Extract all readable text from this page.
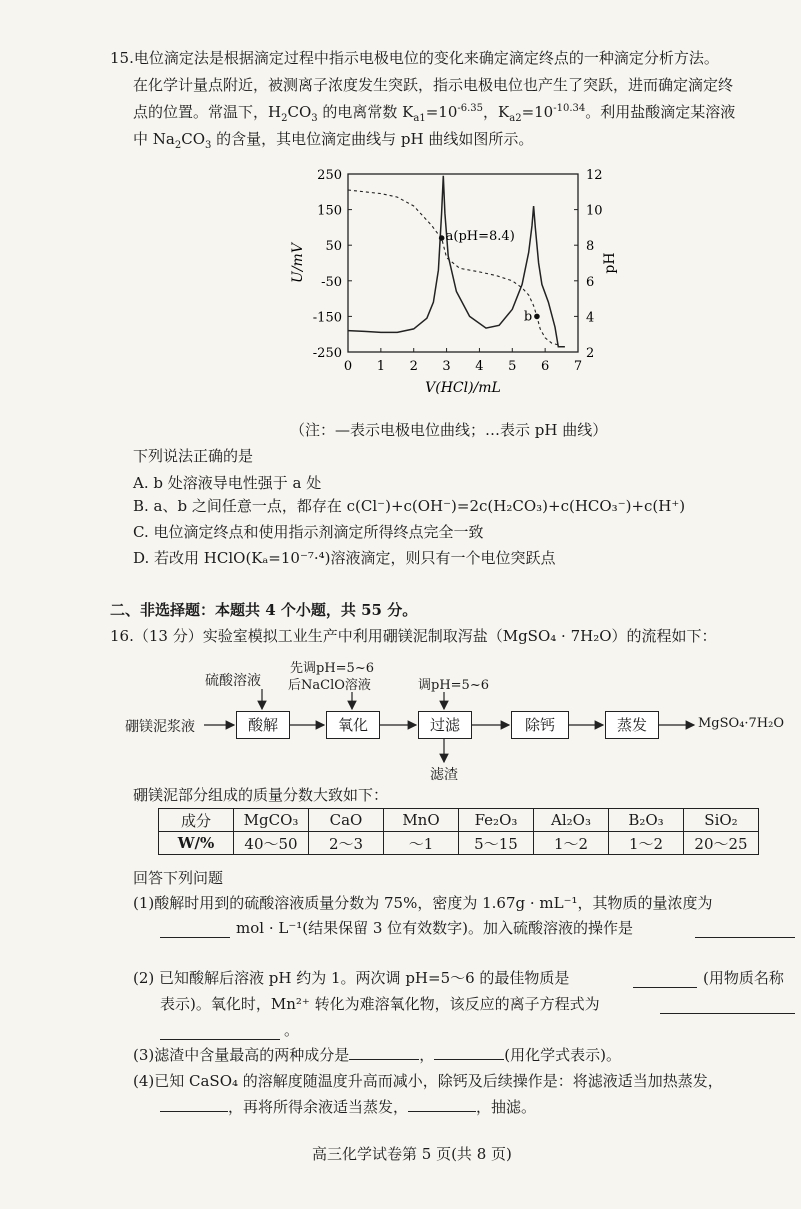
15.电位滴定法是根据滴定过程中指示电极电位的变化来确定滴定终点的一种滴定分析方法。
在化学计量点附近，被测离子浓度发生突跃，指示电极电位也产生了突跃，进而确定滴定终
点的位置。常温下，$H_2CO_3$ 的电离常数 $K_{a1}=10^{-6.35}$，$K_{a2}=10^{-10.34}$。利用盐酸滴定某溶液
中 $Na_2CO_3$ 的含量，其电位滴定曲线与 pH 曲线如图所示。
0 1 2 3 4 5 6 7
250
150
50
-50
-150
-250
12
10
8
6
4
2
V(HCl)/mL
U/mV	pH
a(pH=8.4)
b
（注：—表示电极电位曲线；…表示 pH 曲线）
下列说法正确的是
A. b 处溶液导电性强于 a 处
B. a、b 之间任意一点，都存在 c(Cl⁻)+c(OH⁻)=2c(H₂CO₃)+c(HCO₃⁻)+c(H⁺)
C. 电位滴定终点和使用指示剂滴定所得终点完全一致
D. 若改用 HClO(Kₐ=10⁻⁷·⁴)溶液滴定，则只有一个电位突跃点
二、非选择题：本题共 4 个小题，共 55 分。
16.（13 分）实验室模拟工业生产中利用硼镁泥制取泻盐（MgSO₄ · 7H₂O）的流程如下：
硼镁泥浆液
硫酸溶液
先调pH=5~6
后NaClO溶液	调pH=5~6
酸解	氧化	过滤	除钙	蒸发	MgSO₄·7H₂O
滤渣
硼镁泥部分组成的质量分数大致如下：
成分	MgCO₃	CaO	MnO	Fe₂O₃	Al₂O₃	B₂O₃	SiO₂
W/%	40～50	2～3	～1	5～15	1～2	1～2	20～25
回答下列问题
(1)酸解时用到的硫酸溶液质量分数为 75%，密度为 1.67g · mL⁻¹，其物质的量浓度为
mol · L⁻¹(结果保留 3 位有效数字)。加入硫酸溶液的操作是
(2) 已知酸解后溶液 pH 约为 1。两次调 pH=5～6 的最佳物质是	(用物质名称
表示)。氧化时，Mn²⁺ 转化为难溶氧化物，该反应的离子方程式为
。
(3)滤渣中含量最高的两种成分是	，	(用化学式表示)。
(4)已知 CaSO₄ 的溶解度随温度升高而减小，除钙及后续操作是：将滤液适当加热蒸发，
，再将所得余液适当蒸发，	，抽滤。
高三化学试卷第 5 页(共 8 页)
